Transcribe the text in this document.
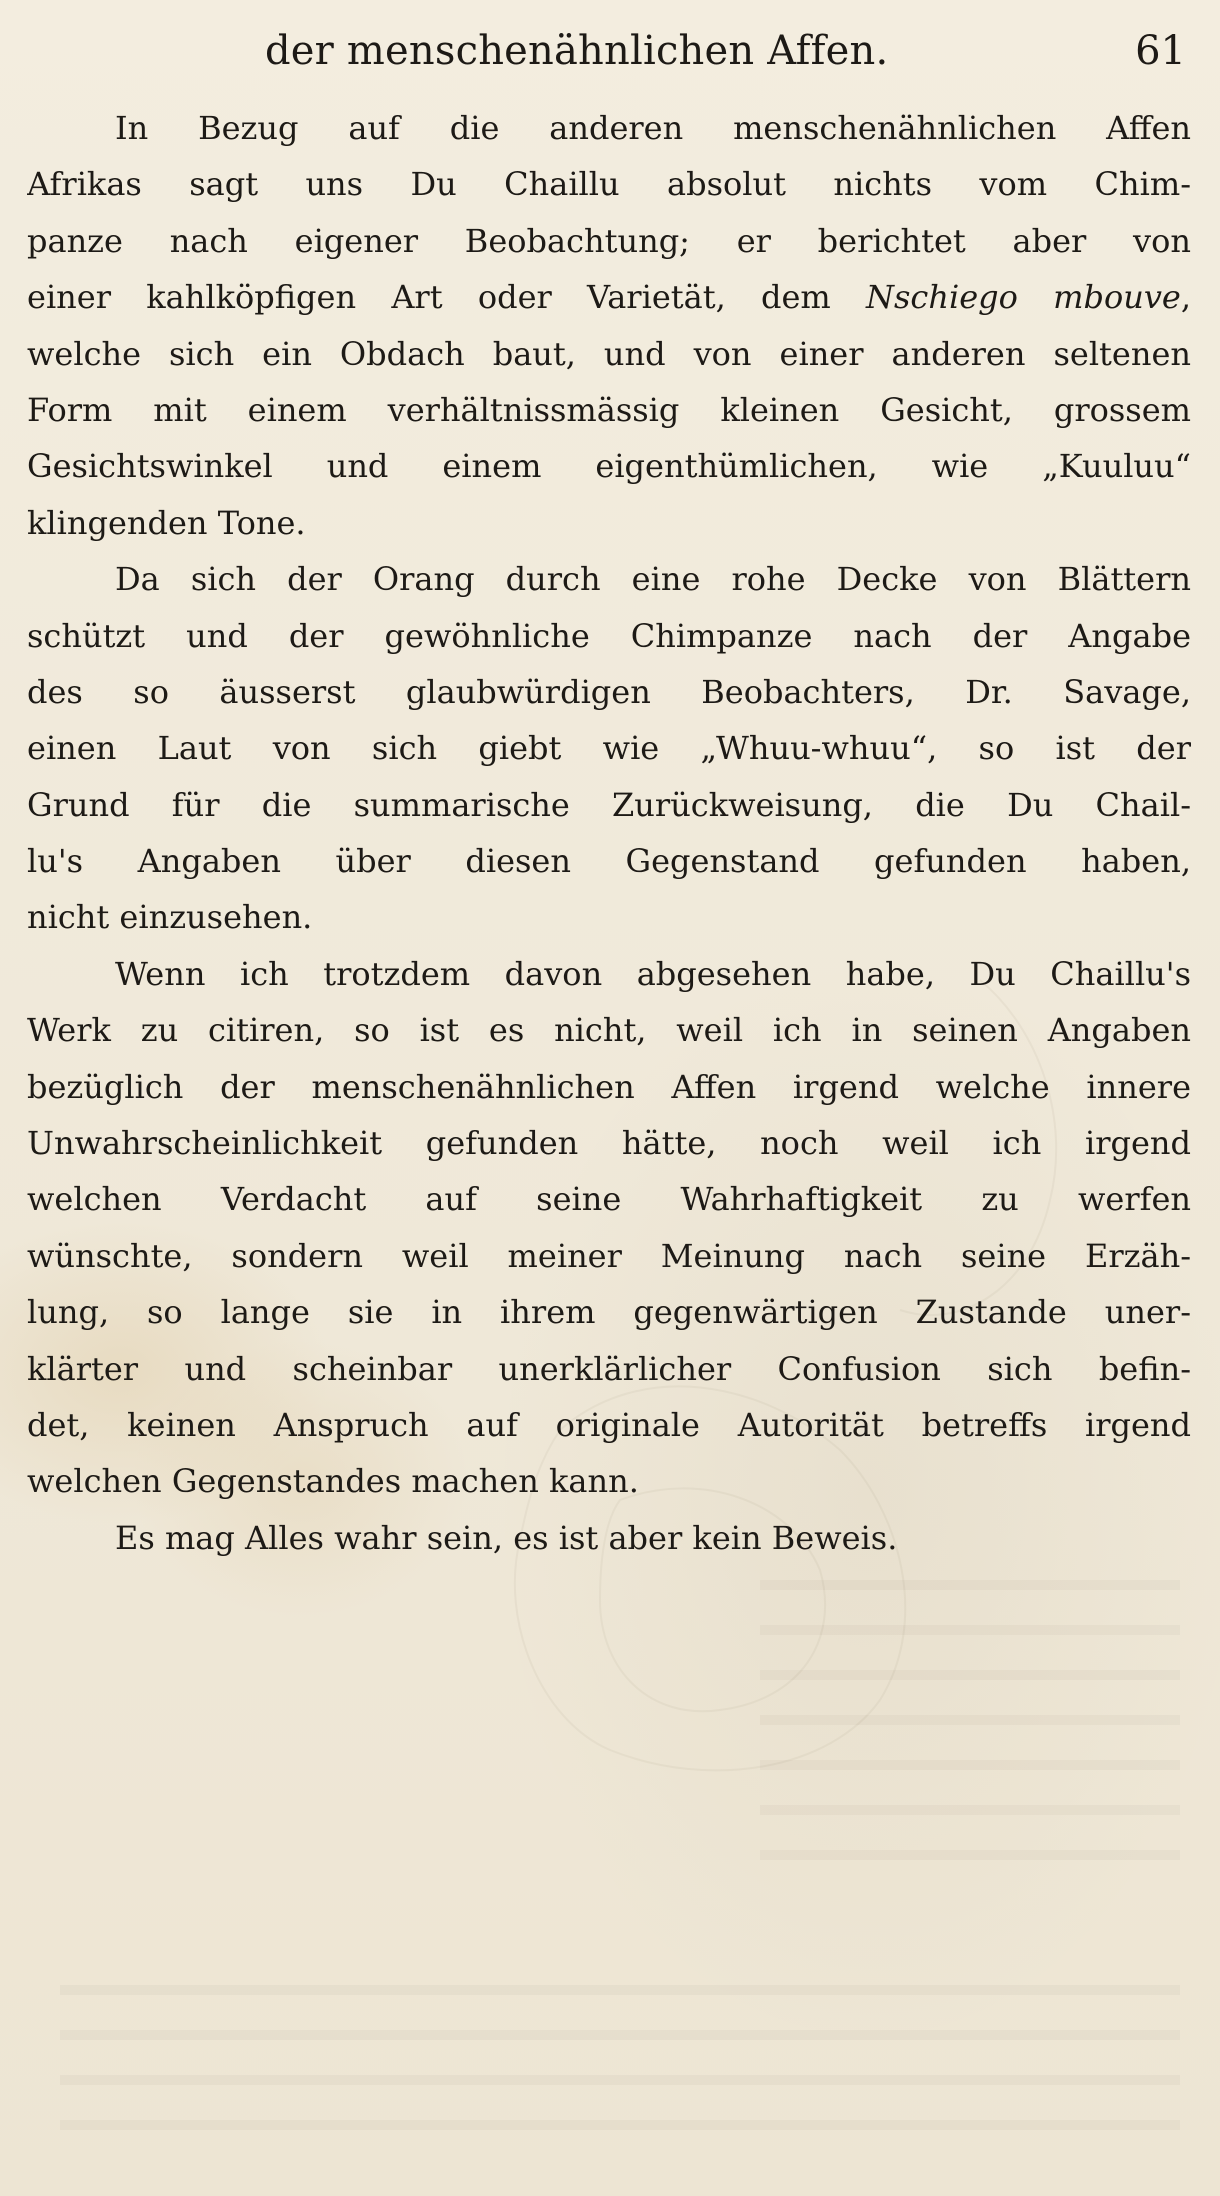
der menschenähnlichen Affen.	61

In Bezug auf die anderen menschenähnlichen Affen
Afrikas sagt uns Du Chaillu absolut nichts vom Chim-
panze nach eigener Beobachtung; er berichtet aber von
einer kahlköpfigen Art oder Varietät, dem Nschiego mbouve,
welche sich ein Obdach baut, und von einer anderen seltenen
Form mit einem verhältnissmässig kleinen Gesicht, grossem
Gesichtswinkel und einem eigenthümlichen, wie „Kuuluu“
klingenden Tone.

Da sich der Orang durch eine rohe Decke von Blättern
schützt und der gewöhnliche Chimpanze nach der Angabe
des so äusserst glaubwürdigen Beobachters, Dr. Savage,
einen Laut von sich giebt wie „Whuu-whuu“, so ist der
Grund für die summarische Zurückweisung, die Du Chail-
lu's Angaben über diesen Gegenstand gefunden haben,
nicht einzusehen.

Wenn ich trotzdem davon abgesehen habe, Du Chaillu's
Werk zu citiren, so ist es nicht, weil ich in seinen Angaben
bezüglich der menschenähnlichen Affen irgend welche innere
Unwahrscheinlichkeit gefunden hätte, noch weil ich irgend
welchen Verdacht auf seine Wahrhaftigkeit zu werfen
wünschte, sondern weil meiner Meinung nach seine Erzäh-
lung, so lange sie in ihrem gegenwärtigen Zustande uner-
klärter und scheinbar unerklärlicher Confusion sich befin-
det, keinen Anspruch auf originale Autorität betreffs irgend
welchen Gegenstandes machen kann.

Es mag Alles wahr sein, es ist aber kein Beweis.
